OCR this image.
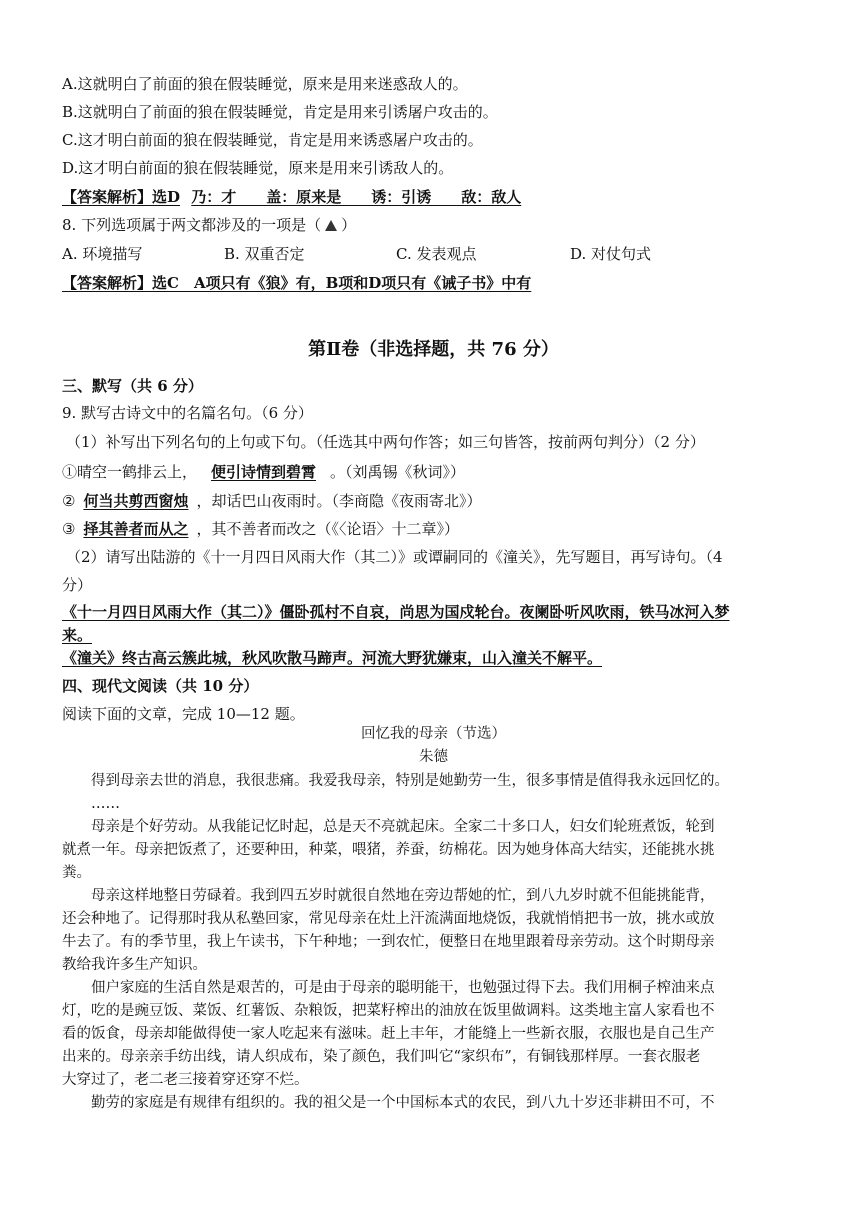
A.这就明白了前面的狼在假装睡觉，原来是用来迷惑敌人的。
B.这就明白了前面的狼在假装睡觉，肯定是用来引诱屠户攻击的。
C.这才明白前面的狼在假装睡觉，肯定是用来诱惑屠户攻击的。
D.这才明白前面的狼在假装睡觉，原来是用来引诱敌人的。
【答案解析】选D 乃：才　　盖：原来是　　诱：引诱　　敌：敌人
8. 下列选项属于两文都涉及的一项是（ ）
A. 环境描写	B. 双重否定	C. 发表观点	D. 对仗句式
【答案解析】选C　A项只有《狼》有，B项和D项只有《诫子书》中有
第Ⅱ卷（非选择题，共 76 分）
三、默写（共 6 分）
9. 默写古诗文中的名篇名句。（6 分）
（1）补写出下列名句的上句或下句。（任选其中两句作答；如三句皆答，按前两句判分）（2 分）
①晴空一鹤排云上， 便引诗情到碧霄 。（刘禹锡《秋词》）
② 何当共剪西窗烛 ，却话巴山夜雨时。（李商隐《夜雨寄北》）
③ 择其善者而从之 ，其不善者而改之（《〈论语〉十二章》）
（2）请写出陆游的《十一月四日风雨大作（其二）》或谭嗣同的《潼关》，先写题目，再写诗句。（4
分）
《十一月四日风雨大作（其二）》僵卧孤村不自哀，尚思为国戍轮台。夜阑卧听风吹雨，铁马冰河入梦
来。
《潼关》终古高云簇此城，秋风吹散马蹄声。河流大野犹嫌束，山入潼关不解平。
四、现代文阅读（共 10 分）
阅读下面的文章，完成 10—12 题。
回忆我的母亲（节选）
朱德
　　得到母亲去世的消息，我很悲痛。我爱我母亲，特别是她勤劳一生，很多事情是值得我永远回忆的。
　　……
　　母亲是个好劳动。从我能记忆时起，总是天不亮就起床。全家二十多口人，妇女们轮班煮饭，轮到
就煮一年。母亲把饭煮了，还要种田，种菜，喂猪，养蚕，纺棉花。因为她身体高大结实，还能挑水挑
粪。
　　母亲这样地整日劳碌着。我到四五岁时就很自然地在旁边帮她的忙，到八九岁时就不但能挑能背，
还会种地了。记得那时我从私塾回家，常见母亲在灶上汗流满面地烧饭，我就悄悄把书一放，挑水或放
牛去了。有的季节里，我上午读书，下午种地；一到农忙，便整日在地里跟着母亲劳动。这个时期母亲
教给我许多生产知识。
　　佃户家庭的生活自然是艰苦的，可是由于母亲的聪明能干，也勉强过得下去。我们用桐子榨油来点
灯，吃的是豌豆饭、菜饭、红薯饭、杂粮饭，把菜籽榨出的油放在饭里做调料。这类地主富人家看也不
看的饭食，母亲却能做得使一家人吃起来有滋味。赶上丰年，才能缝上一些新衣服，衣服也是自己生产
出来的。母亲亲手纺出线，请人织成布，染了颜色，我们叫它“家织布”，有铜钱那样厚。一套衣服老
大穿过了，老二老三接着穿还穿不烂。
　　勤劳的家庭是有规律有组织的。我的祖父是一个中国标本式的农民，到八九十岁还非耕田不可，不
